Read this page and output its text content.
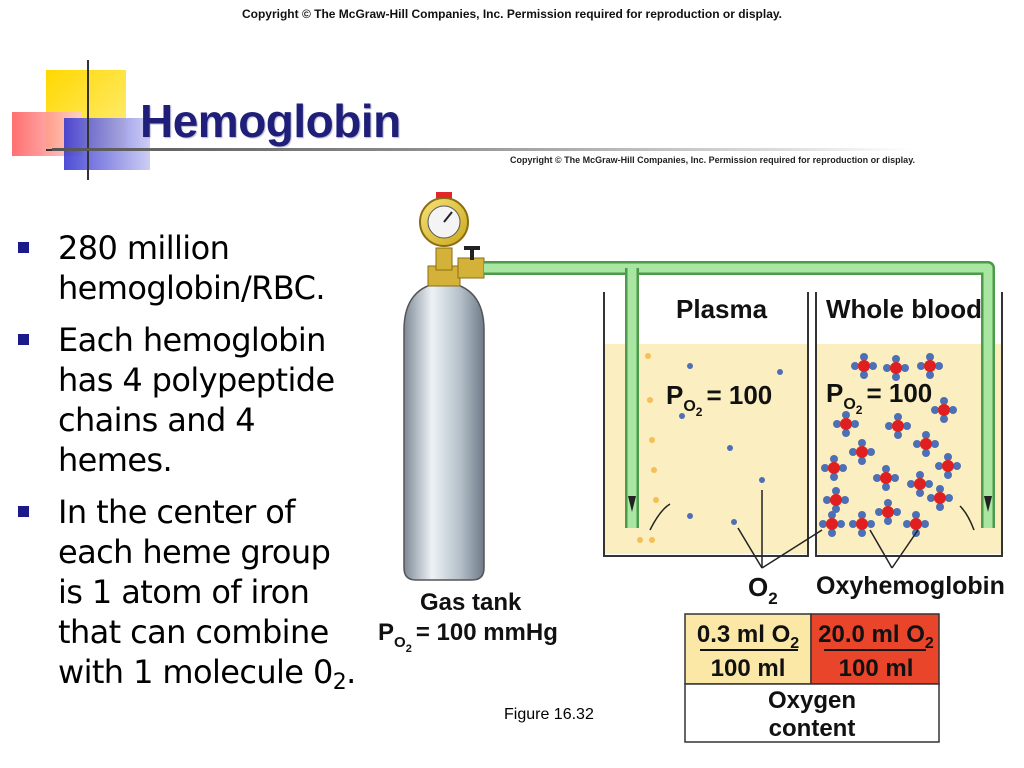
Copyright © The McGraw-Hill Companies, Inc. Permission required for reproduction or display.
Hemoglobin
Copyright © The McGraw-Hill Companies, Inc. Permission required for reproduction or display.
280 million hemoglobin/RBC.
Each hemoglobin has 4 polypeptide chains and 4 hemes.
In the center of each heme group is 1 atom of iron that can combine with 1 molecule $0_2$.
Plasma Whole blood
$P_O2= 100$ $P_O2= 100$
Gas tank
$P_{O2}= 100$ mmHg
$O_2$ Oxyhemoglobin
0.3 ml $O_2$
100 ml
20.0 ml $O_2$
100 ml
Oxygen
content
Figure 16.32
